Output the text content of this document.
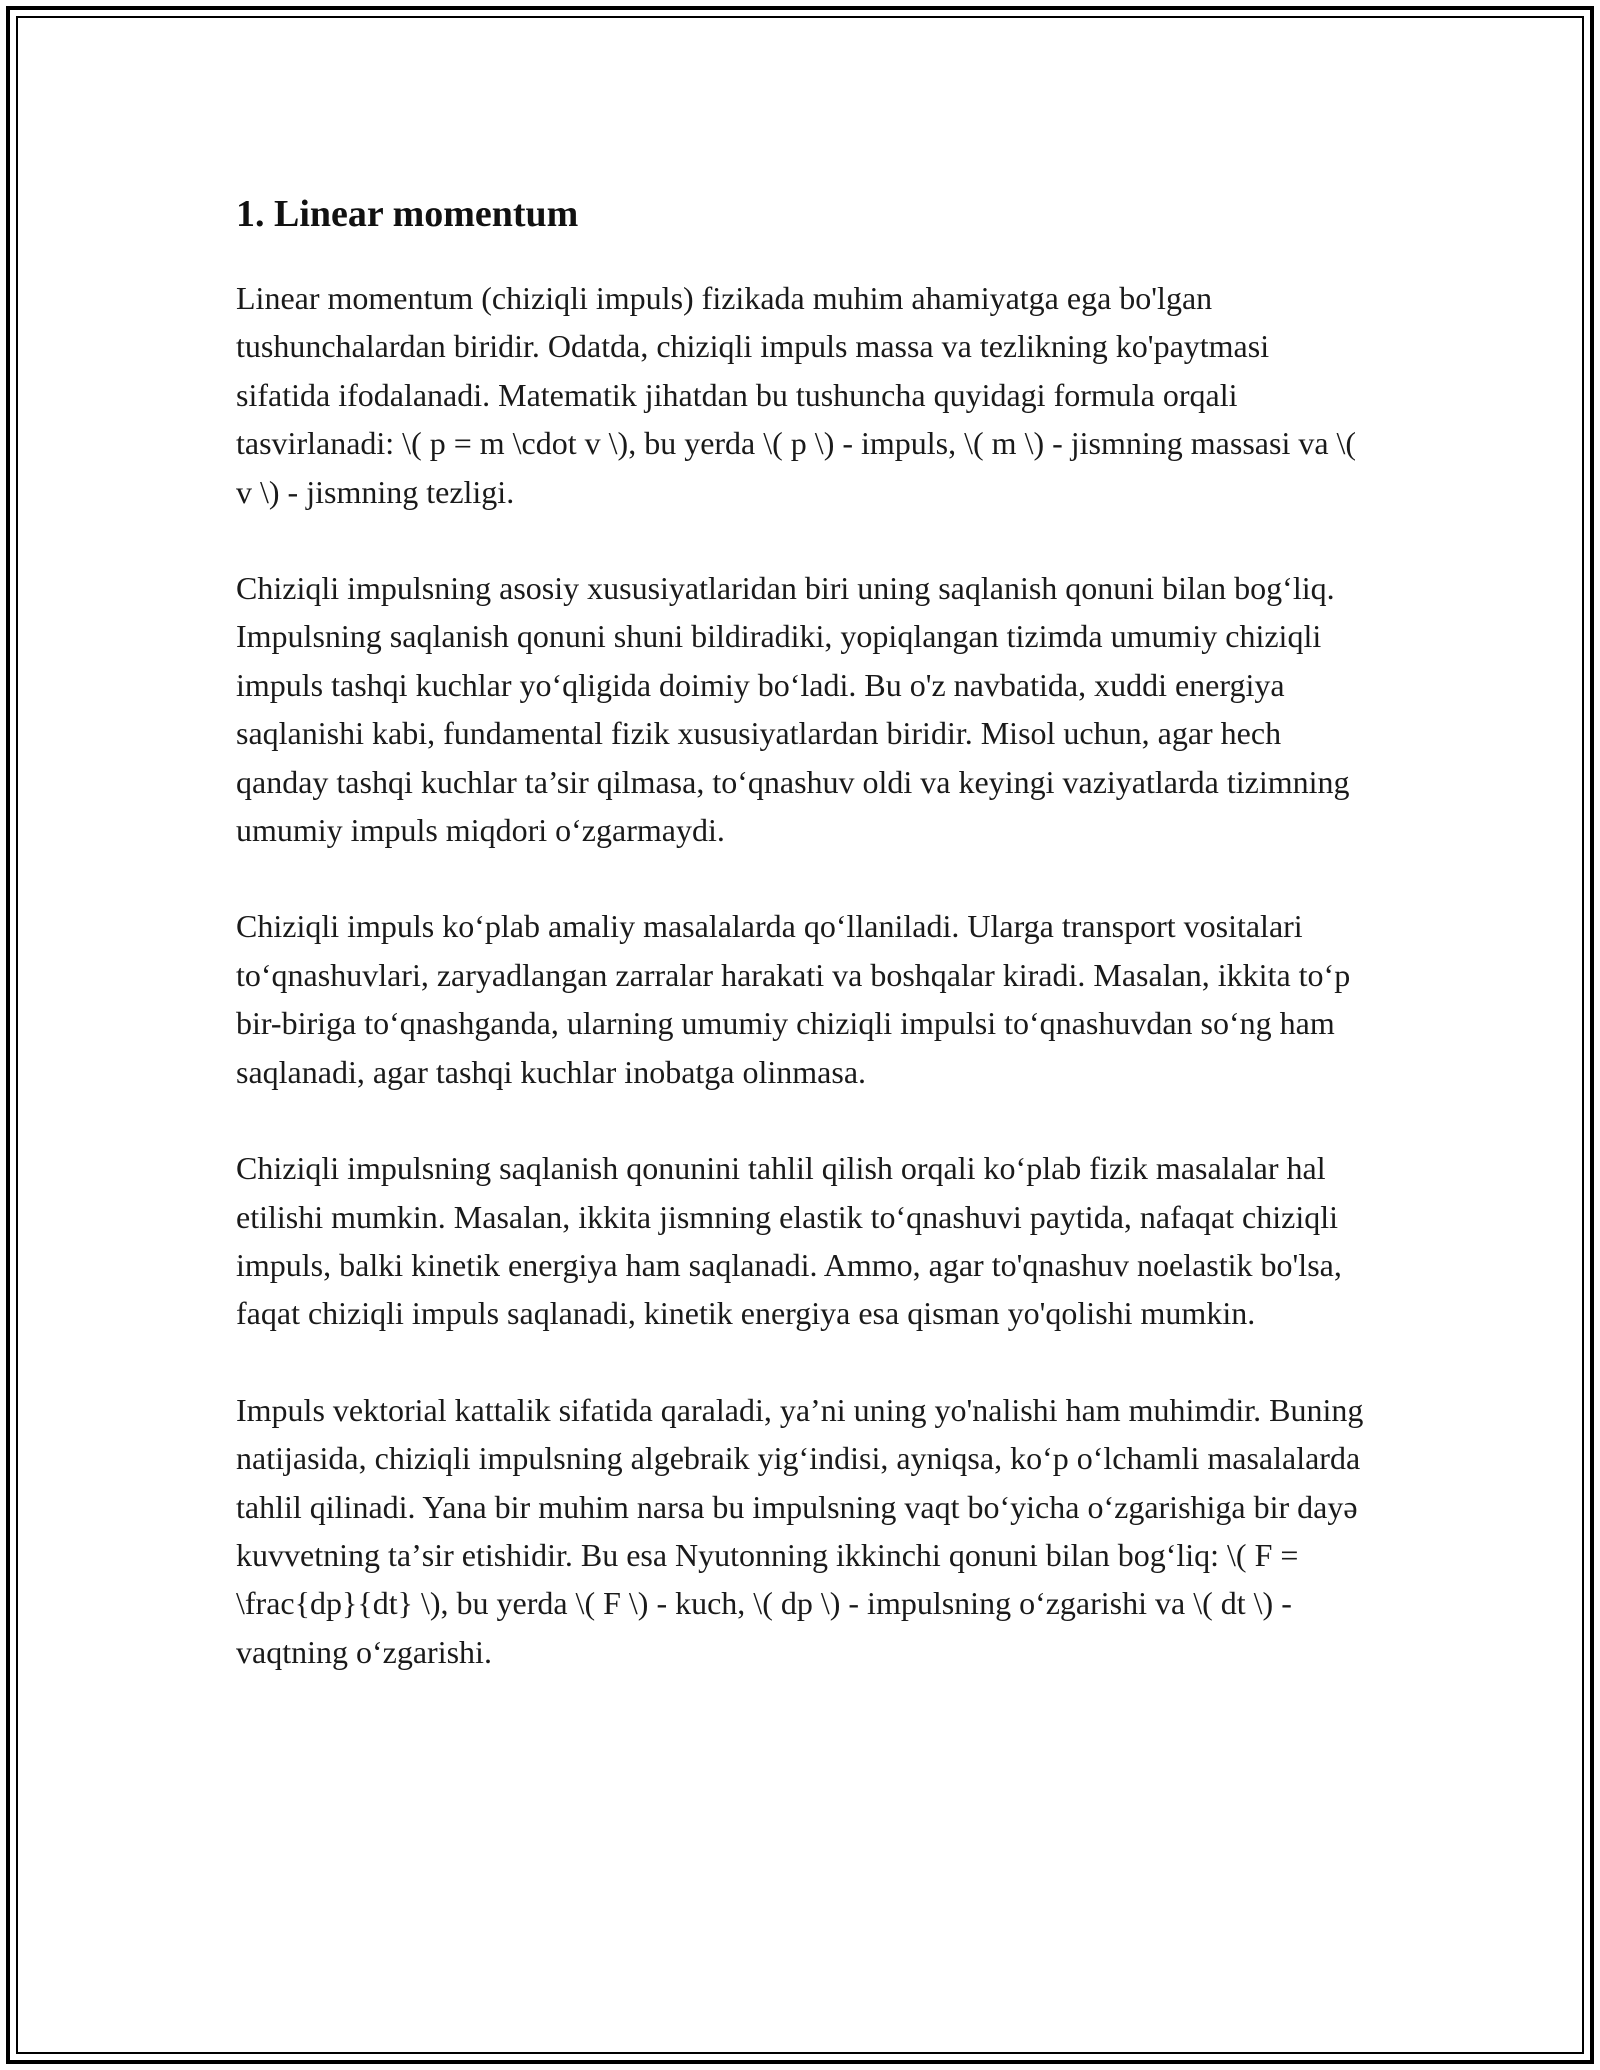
1. Linear momentum

Linear momentum (chiziqli impuls) fizikada muhim ahamiyatga ega bo'lgan tushunchalardan biridir. Odatda, chiziqli impuls massa va tezlikning ko'paytmasi sifatida ifodalanadi. Matematik jihatdan bu tushuncha quyidagi formula orqali tasvirlanadi: \( p = m \cdot v \), bu yerda \( p \) - impuls, \( m \) - jismning massasi va \( v \) - jismning tezligi.

Chiziqli impulsning asosiy xususiyatlaridan biri uning saqlanish qonuni bilan bogʻliq. Impulsning saqlanish qonuni shuni bildiradiki, yopiqlangan tizimda umumiy chiziqli impuls tashqi kuchlar yoʻqligida doimiy boʻladi. Bu o'z navbatida, xuddi energiya saqlanishi kabi, fundamental fizik xususiyatlardan biridir. Misol uchun, agar hech qanday tashqi kuchlar ta’sir qilmasa, toʻqnashuv oldi va keyingi vaziyatlarda tizimning umumiy impuls miqdori oʻzgarmaydi.

Chiziqli impuls koʻplab amaliy masalalarda qoʻllaniladi. Ularga transport vositalari toʻqnashuvlari, zaryadlangan zarralar harakati va boshqalar kiradi. Masalan, ikkita toʻp bir-biriga toʻqnashganda, ularning umumiy chiziqli impulsi toʻqnashuvdan soʻng ham saqlanadi, agar tashqi kuchlar inobatga olinmasa.

Chiziqli impulsning saqlanish qonunini tahlil qilish orqali koʻplab fizik masalalar hal etilishi mumkin. Masalan, ikkita jismning elastik toʻqnashuvi paytida, nafaqat chiziqli impuls, balki kinetik energiya ham saqlanadi. Ammo, agar to'qnashuv noelastik bo'lsa, faqat chiziqli impuls saqlanadi, kinetik energiya esa qisman yo'qolishi mumkin.

Impuls vektorial kattalik sifatida qaraladi, ya’ni uning yo'nalishi ham muhimdir. Buning natijasida, chiziqli impulsning algebraik yigʻindisi, ayniqsa, koʻp oʻlchamli masalalarda tahlil qilinadi. Yana bir muhim narsa bu impulsning vaqt boʻyicha oʻzgarishiga bir dayə kuvvetning taʼsir etishidir. Bu esa Nyutonning ikkinchi qonuni bilan bogʻliq: \( F = \frac{dp}{dt} \), bu yerda \( F \) - kuch, \( dp \) - impulsning oʻzgarishi va \( dt \) - vaqtning oʻzgarishi.
